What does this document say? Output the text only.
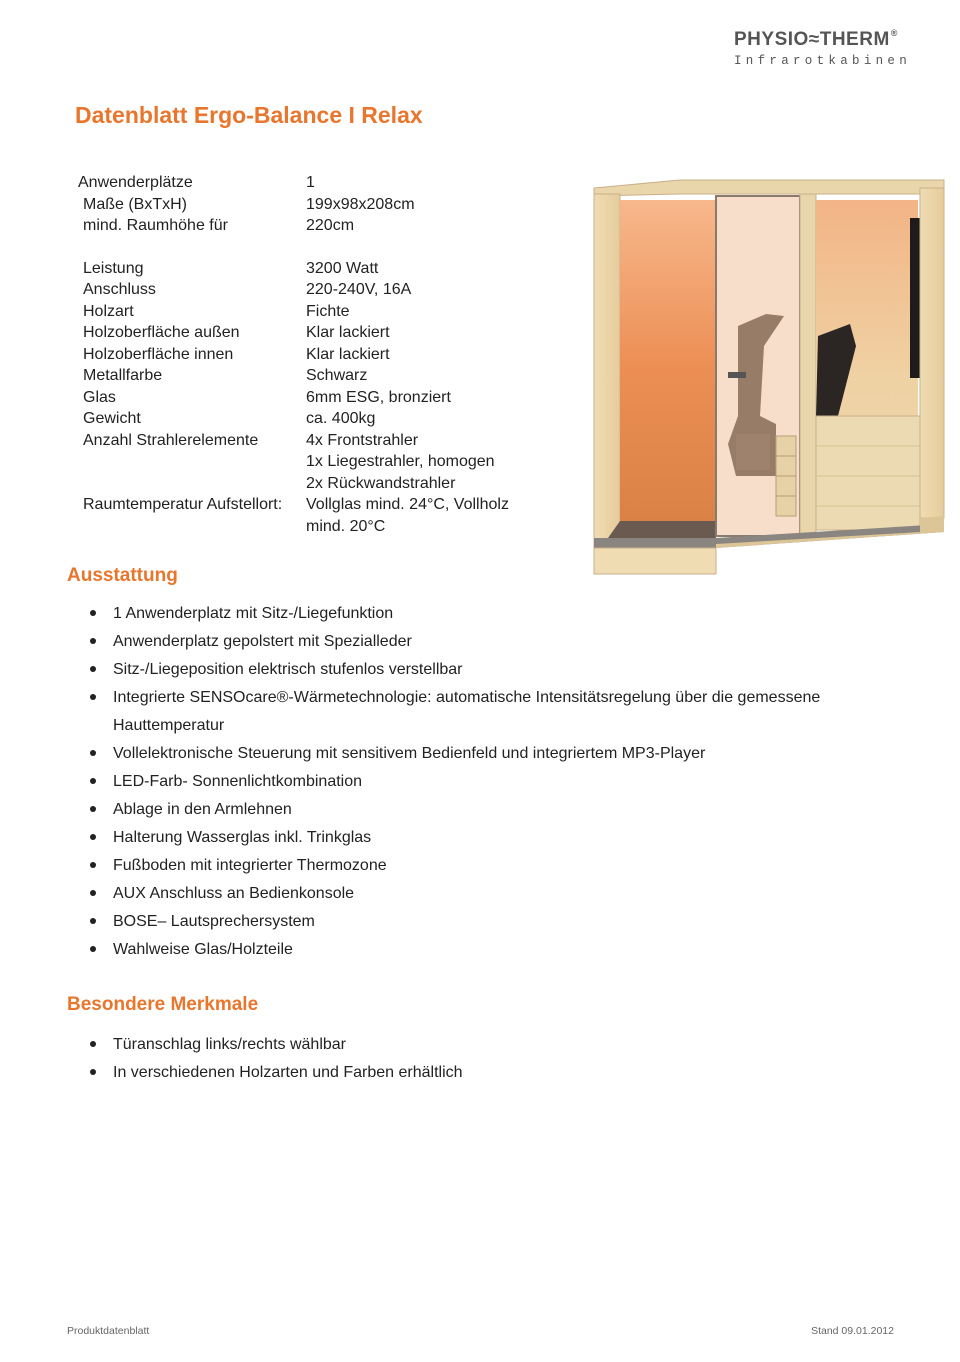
PHYSIO≈THERM®
Infrarotkabinen
Datenblatt Ergo-Balance I Relax
Anwenderplätze	1
Maße (BxTxH)	199x98x208cm
mind. Raumhöhe für	220cm
Leistung	3200 Watt
Anschluss	220-240V, 16A
Holzart	Fichte
Holzoberfläche außen	Klar lackiert
Holzoberfläche innen	Klar lackiert
Metallfarbe	Schwarz
Glas	6mm ESG, bronziert
Gewicht	ca. 400kg
Anzahl Strahlerelemente	4x Frontstrahler
1x Liegestrahler, homogen
2x Rückwandstrahler
Raumtemperatur Aufstellort:	Vollglas mind. 24°C, Vollholz
mind. 20°C
Ausstattung
1 Anwenderplatz mit Sitz-/Liegefunktion
Anwenderplatz gepolstert mit Spezialleder
Sitz-/Liegeposition elektrisch stufenlos verstellbar
Integrierte SENSOcare®-Wärmetechnologie: automatische Intensitätsregelung über die gemessene Hauttemperatur
Vollelektronische Steuerung mit sensitivem Bedienfeld und integriertem MP3-Player
LED-Farb- Sonnenlichtkombination
Ablage in den Armlehnen
Halterung Wasserglas inkl. Trinkglas
Fußboden mit integrierter Thermozone
AUX Anschluss an Bedienkonsole
BOSE– Lautsprechersystem
Wahlweise Glas/Holzteile
Besondere Merkmale
Türanschlag links/rechts wählbar
In verschiedenen Holzarten und Farben erhältlich
Produktdatenblatt	Stand 09.01.2012
